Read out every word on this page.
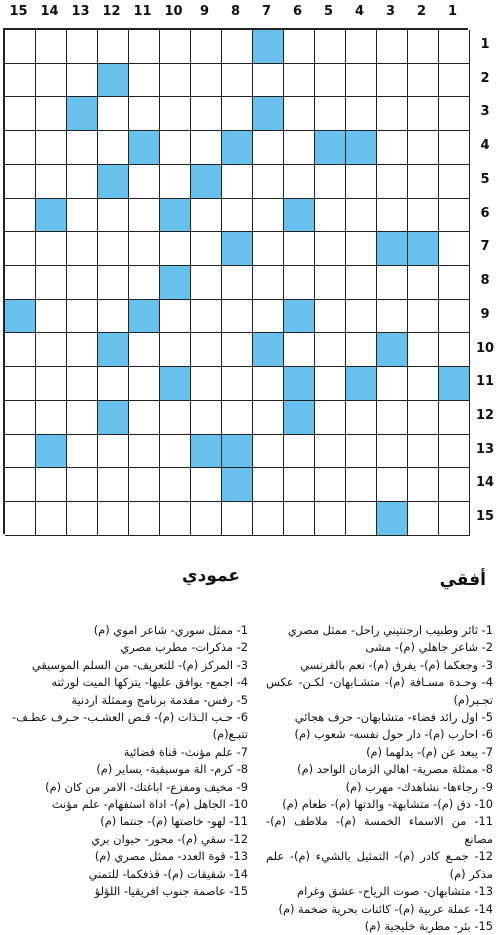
1
2
3
4
5
6
7
8
9
10
11
12
13
14
15
1
2
3
4
5
6
7
8
9
10
11
12
13
14
15
أفقي
عمودي
1- ثائر وطبيب ارجنتيني راحل- ممثل مصري
2- شاعر جاهلي (م)- مشى
3- وجعكما (م)- يفرق (م)- نعم بالفرنسي
4- وحـدة مسـافة (م)- متشـابهان- لكـن- عكس تجـبر(م)
5- اول رائد فضاء- متشابهان- حرف هجائي
6- احارب (م)- دار حول نفسه- شعوب (م)
7- يبعد عن (م)- يدلهما (م)
8- ممثلة مصرية- اهالي الزمان الواحد (م)
9- رجاءها- نشاهدك- مهرب (م)
10- دق (م)- متشابهة- والدتها (م)- طعام (م)
11- من الاسماء الخمسة (م)- ملاطف (م)- مصانع
12- جمـع كادر (م)- التمثيل بالشيء (م)- علم مذكر (م)
13- متشابهان- صوت الرياح- عشق وغرام
14- عملة عربية (م)- كائنات بحرية ضخمة (م)
15- بئر- مطربة خليجية (م)
1- ممثل سوري- شاعر اموي (م)
2- مذكرات- مطرب مصري
3- المركز (م)- للتعريف- من السلم الموسيقي
4- اجمع- يوافق عليها- يتركها الميت لورثته
5- رفس- مقدمة برنامج وممثلة اردنية
6- حـب الـذات (م)- قـص العشـب- حـرف عطـف- تتبـع(م)
7- علم مؤنث- قناة فضائية
8- كرم- الة موسيقية- يساير (م)
9- مخيف ومفزع- اباغتك- الامر من كان (م)
10- الجاهل (م)- اداة استفهام- علم مؤنث
11- لهو- خاصتها (م)- جنتما (م)
12- سقي (م)- محور- حيوان بري
13- قوة العدد- ممثل مصري (م)
14- شقيقات (م)- قذفكما- للتمني
15- عاصمة جنوب افريقيا- اللؤلؤ
